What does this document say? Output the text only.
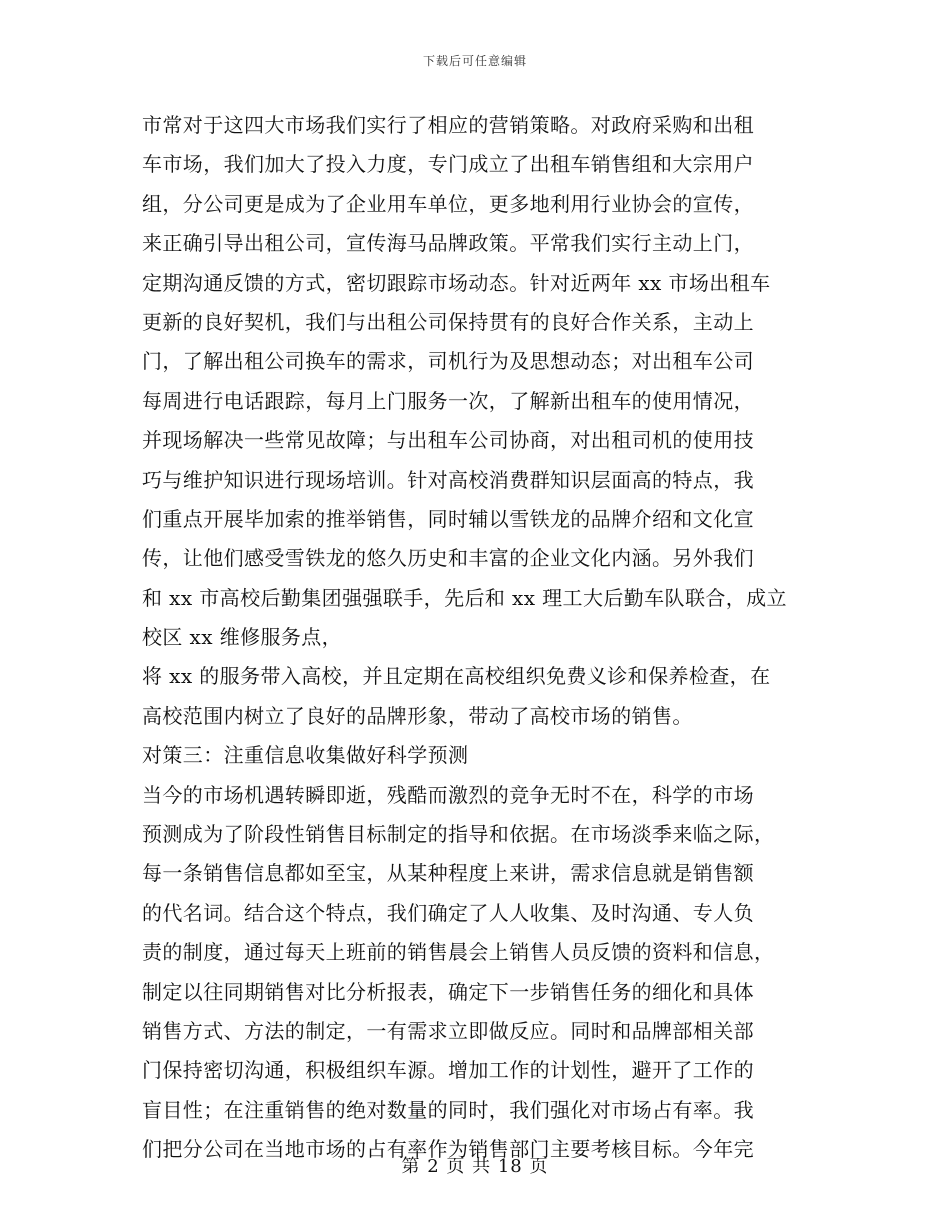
下载后可任意编辑
市常对于这四大市场我们实行了相应的营销策略。对政府采购和出租
车市场，我们加大了投入力度，专门成立了出租车销售组和大宗用户
组，分公司更是成为了企业用车单位，更多地利用行业协会的宣传，
来正确引导出租公司，宣传海马品牌政策。平常我们实行主动上门，
定期沟通反馈的方式，密切跟踪市场动态。针对近两年 xx 市场出租车
更新的良好契机，我们与出租公司保持贯有的良好合作关系，主动上
门，了解出租公司换车的需求，司机行为及思想动态；对出租车公司
每周进行电话跟踪，每月上门服务一次，了解新出租车的使用情况，
并现场解决一些常见故障；与出租车公司协商，对出租司机的使用技
巧与维护知识进行现场培训。针对高校消费群知识层面高的特点，我
们重点开展毕加索的推举销售，同时辅以雪铁龙的品牌介绍和文化宣
传，让他们感受雪铁龙的悠久历史和丰富的企业文化内涵。另外我们
和 xx 市高校后勤集团强强联手，先后和 xx 理工大后勤车队联合，成立
校区 xx 维修服务点，
将 xx 的服务带入高校，并且定期在高校组织免费义诊和保养检查，在
高校范围内树立了良好的品牌形象，带动了高校市场的销售。
对策三：注重信息收集做好科学预测
当今的市场机遇转瞬即逝，残酷而激烈的竞争无时不在，科学的市场
预测成为了阶段性销售目标制定的指导和依据。在市场淡季来临之际，
每一条销售信息都如至宝，从某种程度上来讲，需求信息就是销售额
的代名词。结合这个特点，我们确定了人人收集、及时沟通、专人负
责的制度，通过每天上班前的销售晨会上销售人员反馈的资料和信息，
制定以往同期销售对比分析报表，确定下一步销售任务的细化和具体
销售方式、方法的制定，一有需求立即做反应。同时和品牌部相关部
门保持密切沟通，积极组织车源。增加工作的计划性，避开了工作的
盲目性；在注重销售的绝对数量的同时，我们强化对市场占有率。我
们把分公司在当地市场的占有率作为销售部门主要考核目标。今年完
第 2 页 共 18 页
